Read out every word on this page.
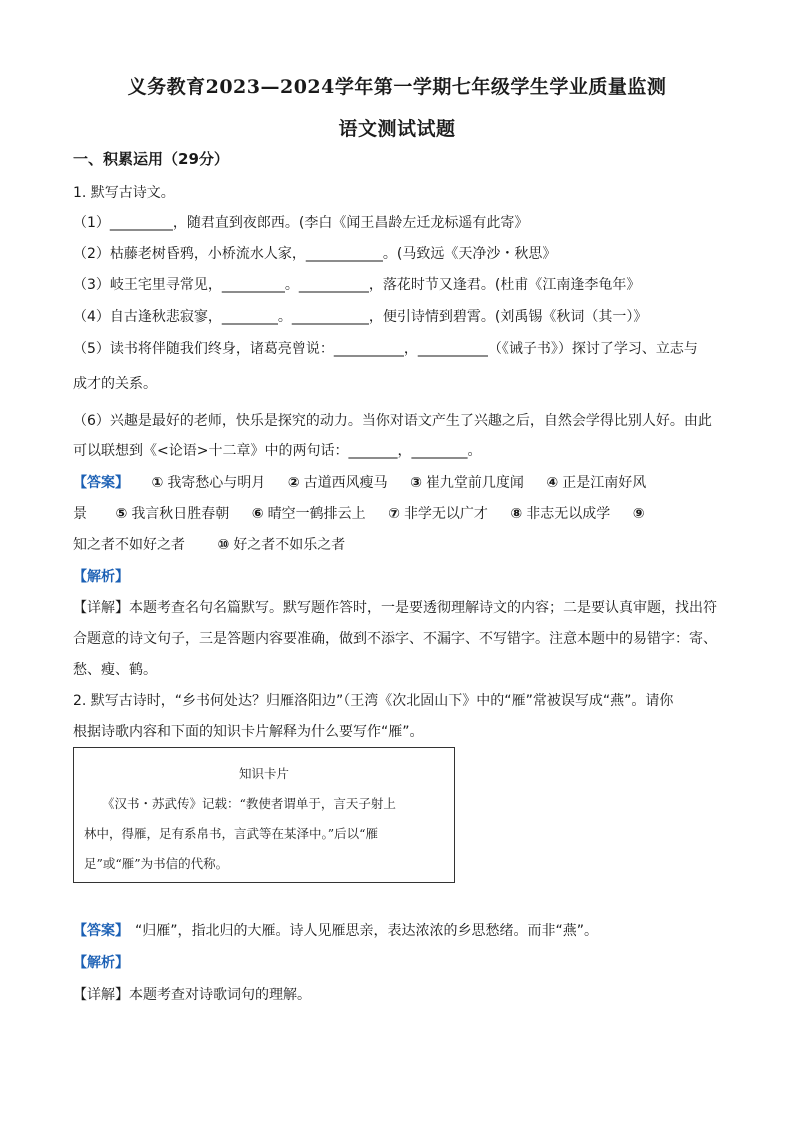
义务教育2023—2024学年第一学期七年级学生学业质量监测
语文测试试题
一、积累运用（29分）
1. 默写古诗文。
（1）_________，随君直到夜郎西。(李白《闻王昌龄左迁龙标遥有此寄》
（2）枯藤老树昏鸦，小桥流水人家，___________。(马致远《天净沙・秋思》
（3）岐王宅里寻常见，_________。__________，落花时节又逢君。(杜甫《江南逢李龟年》
（4）自古逢秋悲寂寥，________。___________，便引诗情到碧霄。(刘禹锡《秋词（其一）》
（5）读书将伴随我们终身，诸葛亮曾说：__________，__________（《诫子书》）探讨了学习、立志与
成才的关系。
（6）兴趣是最好的老师，快乐是探究的动力。当你对语文产生了兴趣之后，自然会学得比别人好。由此
可以联想到《<论语>十二章》中的两句话：_______，________。
【答案】 ① 我寄愁心与明月 ② 古道西风瘦马 ③ 崔九堂前几度闻 ④ 正是江南好风
景 ⑤ 我言秋日胜春朝 ⑥ 晴空一鹤排云上 ⑦ 非学无以广才 ⑧ 非志无以成学 ⑨
知之者不如好之者 ⑩ 好之者不如乐之者
【解析】
【详解】本题考查名句名篇默写。默写题作答时，一是要透彻理解诗文的内容；二是要认真审题，找出符
合题意的诗文句子，三是答题内容要准确，做到不添字、不漏字、不写错字。注意本题中的易错字：寄、
愁、瘦、鹤。
2. 默写古诗时，“乡书何处达？归雁洛阳边”（王湾《次北固山下》中的“雁”常被误写成“燕”。请你
根据诗歌内容和下面的知识卡片解释为什么要写作“雁”。
知识卡片
《汉书・苏武传》记载：“教使者谓单于，言天子射上
林中，得雁，足有系帛书，言武等在某泽中。”后以“雁
足”或“雁”为书信的代称。
【答案】 “归雁”，指北归的大雁。诗人见雁思亲，表达浓浓的乡思愁绪。而非“燕”。
【解析】
【详解】本题考查对诗歌词句的理解。
